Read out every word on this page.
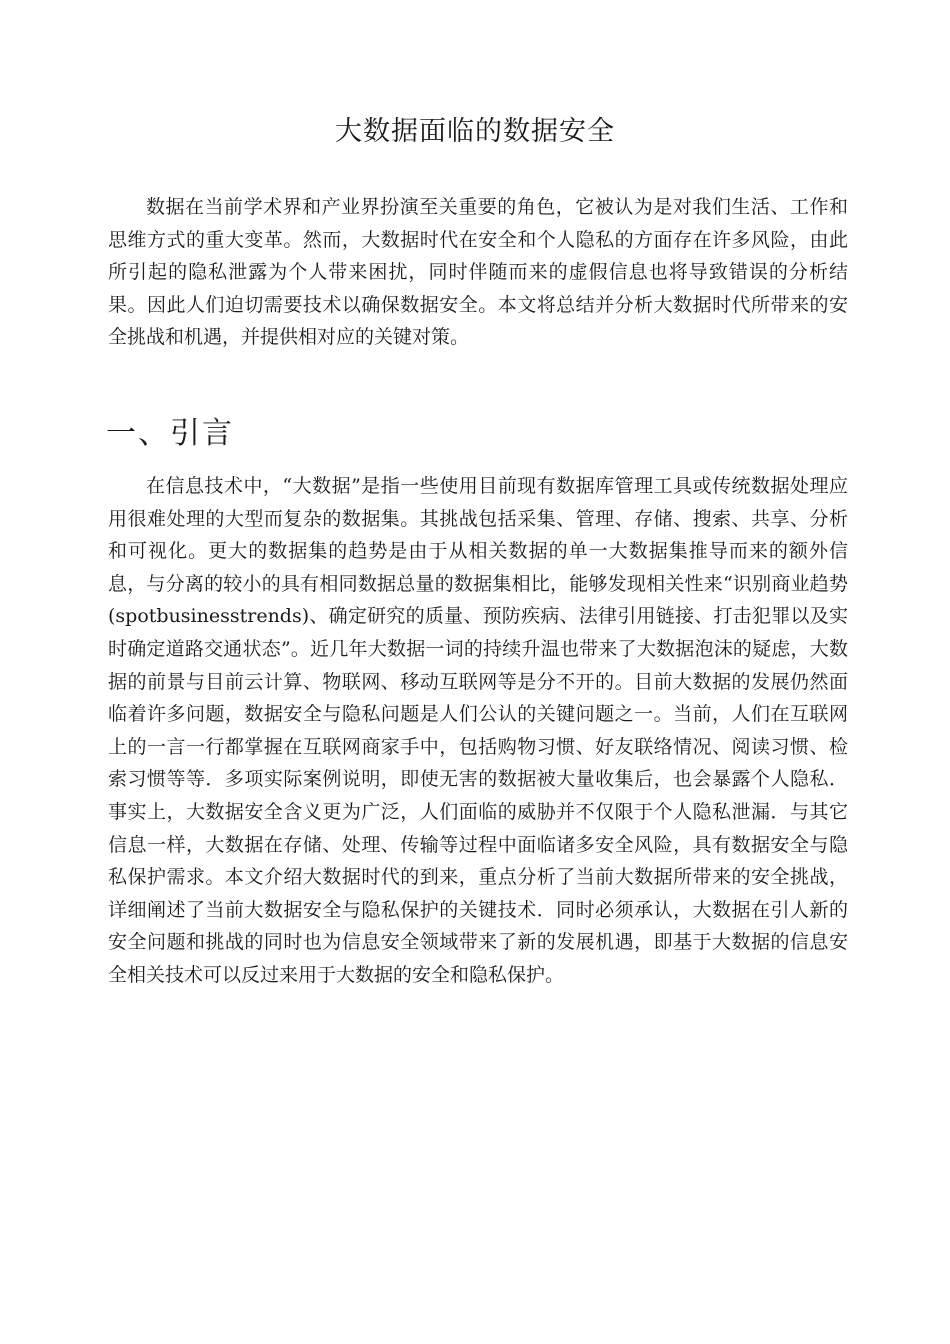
大数据面临的数据安全

数据在当前学术界和产业界扮演至关重要的角色，它被认为是对我们生活、工作和思维方式的重大变革。然而，大数据时代在安全和个人隐私的方面存在许多风险，由此所引起的隐私泄露为个人带来困扰，同时伴随而来的虚假信息也将导致错误的分析结果。因此人们迫切需要技术以确保数据安全。本文将总结并分析大数据时代所带来的安全挑战和机遇，并提供相对应的关键对策。

一、引言

在信息技术中，“大数据”是指一些使用目前现有数据库管理工具或传统数据处理应用很难处理的大型而复杂的数据集。其挑战包括采集、管理、存储、搜索、共享、分析和可视化。更大的数据集的趋势是由于从相关数据的单一大数据集推导而来的额外信息，与分离的较小的具有相同数据总量的数据集相比，能够发现相关性来“识别商业趋势(spotbusinesstrends)、确定研究的质量、预防疾病、法律引用链接、打击犯罪以及实时确定道路交通状态”。近几年大数据一词的持续升温也带来了大数据泡沫的疑虑，大数据的前景与目前云计算、物联网、移动互联网等是分不开的。目前大数据的发展仍然面临着许多问题，数据安全与隐私问题是人们公认的关键问题之一。当前，人们在互联网上的一言一行都掌握在互联网商家手中，包括购物习惯、好友联络情况、阅读习惯、检索习惯等等．多项实际案例说明，即使无害的数据被大量收集后，也会暴露个人隐私．事实上，大数据安全含义更为广泛，人们面临的威胁并不仅限于个人隐私泄漏．与其它信息一样，大数据在存储、处理、传输等过程中面临诸多安全风险，具有数据安全与隐私保护需求。本文介绍大数据时代的到来，重点分析了当前大数据所带来的安全挑战，详细阐述了当前大数据安全与隐私保护的关键技术．同时必须承认，大数据在引人新的安全问题和挑战的同时也为信息安全领域带来了新的发展机遇，即基于大数据的信息安全相关技术可以反过来用于大数据的安全和隐私保护。
